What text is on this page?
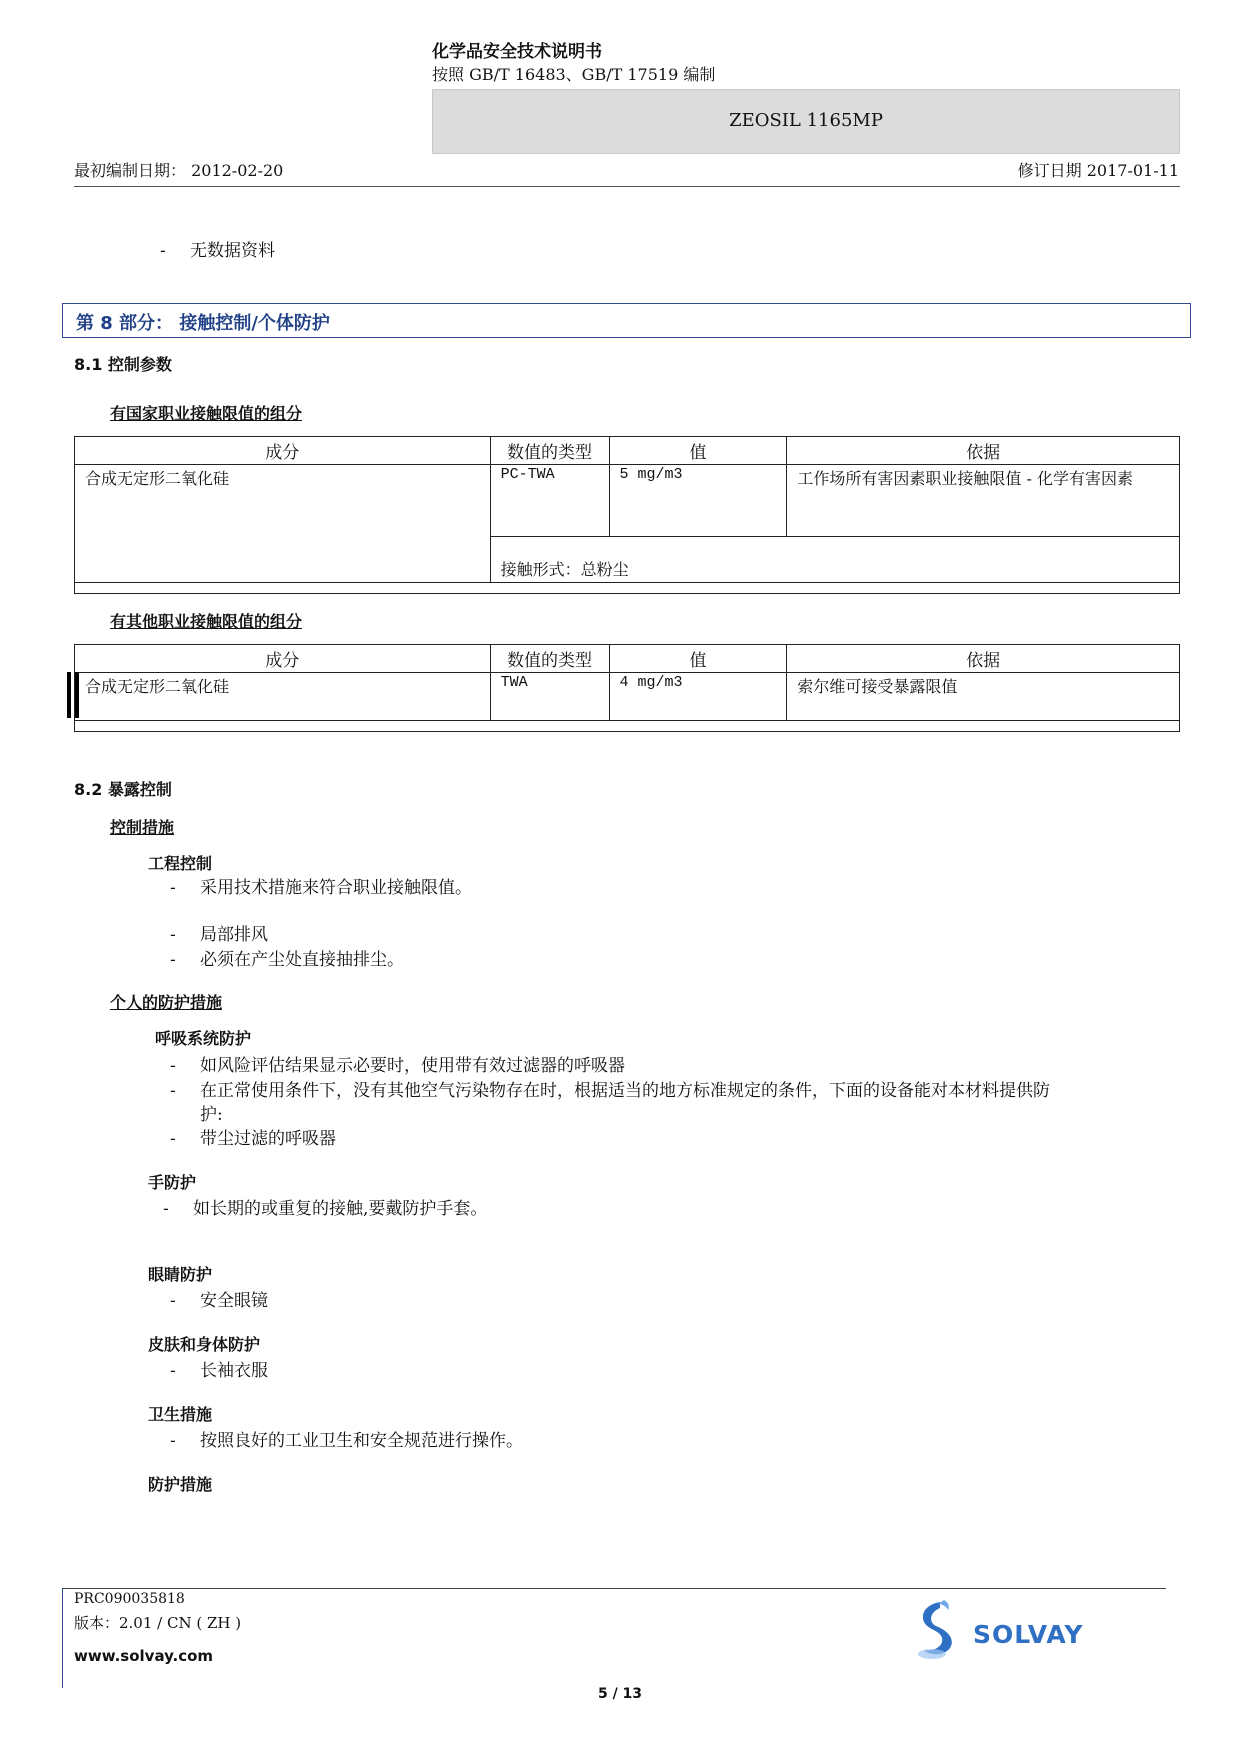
化学品安全技术说明书
按照 GB/T 16483、GB/T 17519 编制
ZEOSIL 1165MP
最初编制日期： 2012-02-20	修订日期 2017-01-11
- 无数据资料
第 8 部分： 接触控制/个体防护
8.1 控制参数
有国家职业接触限值的组分
成分	数值的类型	值	依据
合成无定形二氧化硅	PC-TWA	5 mg/m3	工作场所有害因素职业接触限值 - 化学有害因素
	接触形式：总粉尘		

有其他职业接触限值的组分
成分	数值的类型	值	依据
合成无定形二氧化硅	TWA	4 mg/m3	索尔维可接受暴露限值

8.2 暴露控制
控制措施
工程控制
- 采用技术措施来符合职业接触限值。
- 局部排风
- 必须在产尘处直接抽排尘。
个人的防护措施
呼吸系统防护
- 如风险评估结果显示必要时，使用带有效过滤器的呼吸器
- 在正常使用条件下，没有其他空气污染物存在时，根据适当的地方标准规定的条件，下面的设备能对本材料提供防
护:
- 带尘过滤的呼吸器
手防护
- 如长期的或重复的接触,要戴防护手套。
眼睛防护
- 安全眼镜
皮肤和身体防护
- 长袖衣服
卫生措施
- 按照良好的工业卫生和安全规范进行操作。
防护措施
PRC090035818
版本：2.01 / CN ( ZH )
www.solvay.com
5 / 13
SOLVAY
